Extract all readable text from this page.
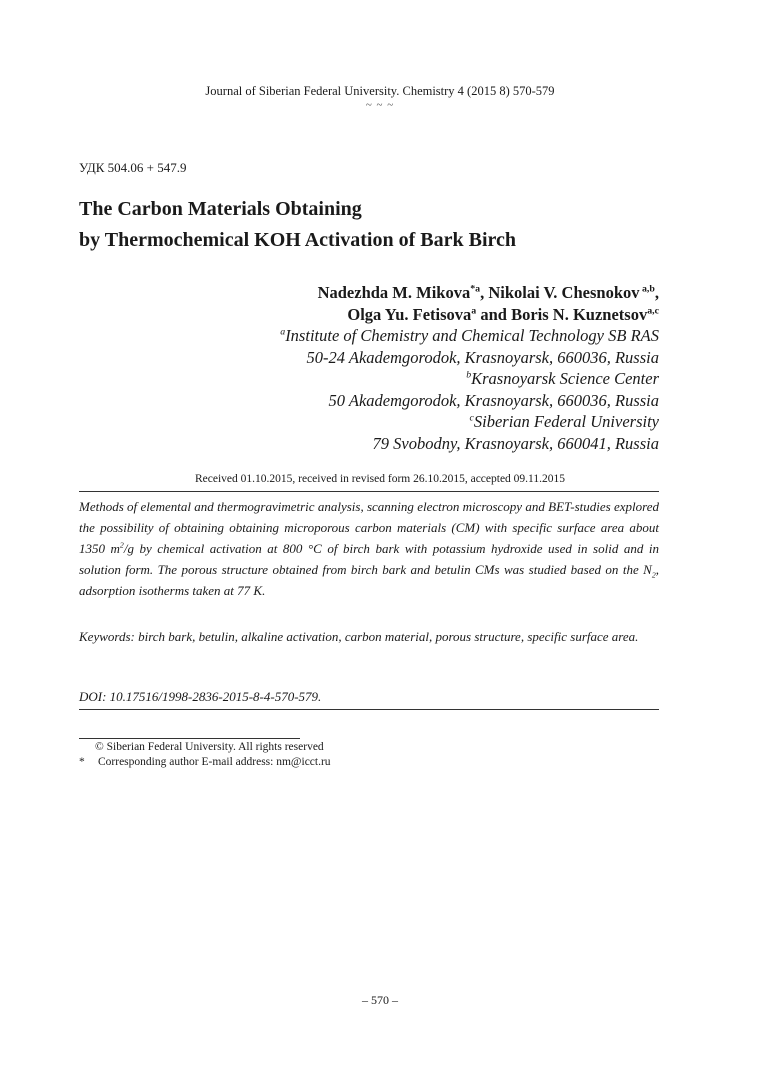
Journal of Siberian Federal University. Chemistry 4 (2015 8) 570-579
~ ~ ~
УДК 504.06 + 547.9
The Carbon Materials Obtaining
by Thermochemical KOH Activation of Bark Birch
Nadezhda M. Mikova$^{*a}$, Nikolai V. Chesnokov $^{a,b}$,
Olga Yu. Fetisova$^a$ and Boris N. Kuznetsov$^{a,c}$
$^a$Institute of Chemistry and Chemical Technology SB RAS
50-24 Akademgorodok, Krasnoyarsk, 660036, Russia
$^b$Krasnoyarsk Science Center
50 Akademgorodok, Krasnoyarsk, 660036, Russia
$^c$Siberian Federal University
79 Svobodny, Krasnoyarsk, 660041, Russia
Received 01.10.2015, received in revised form 26.10.2015, accepted 09.11.2015
Methods of elemental and thermogravimetric analysis, scanning electron microscopy and BET-studies explored the possibility of obtaining obtaining microporous carbon materials (CM) with specific surface area about 1350 $m^2/g$ by chemical activation at 800 °C of birch bark with potassium hydroxide used in solid and in solution form. The porous structure obtained from birch bark and betulin CMs was studied based on the $N_2$, adsorption isotherms taken at 77 K.
Keywords: birch bark, betulin, alkaline activation, carbon material, porous structure, specific surface area.
DOI: 10.17516/1998-2836-2015-8-4-570-579.
© Siberian Federal University. All rights reserved
* Corresponding author E-mail address: nm@icct.ru
– 570 –
